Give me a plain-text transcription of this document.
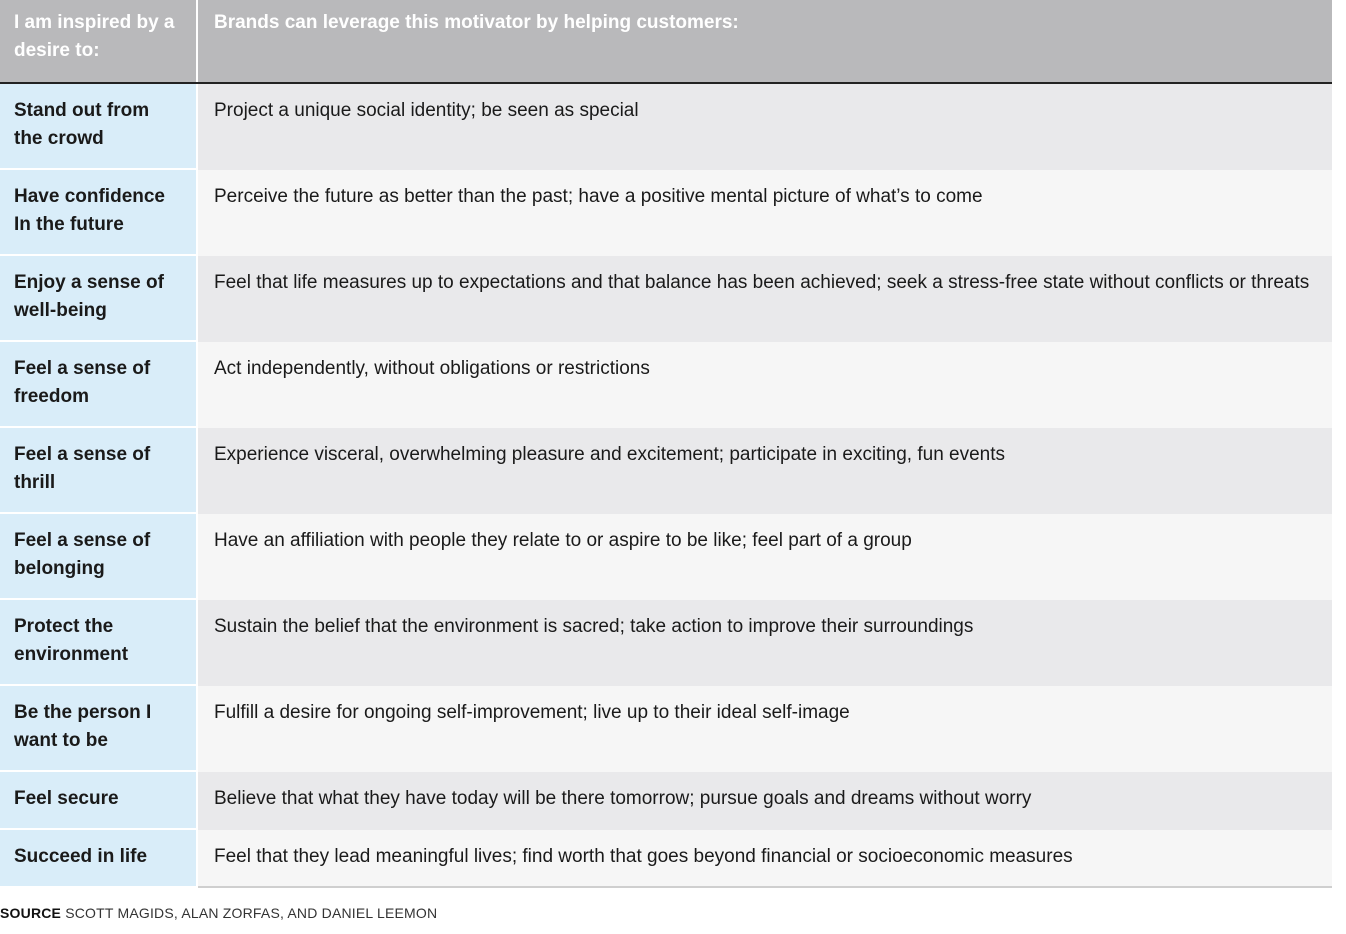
I am inspired by a desire to:
Brands can leverage this motivator by helping customers:
Stand out from the crowd
Project a unique social identity; be seen as special
Have confidence In the future
Perceive the future as better than the past; have a positive mental picture of what’s to come
Enjoy a sense of well-being
Feel that life measures up to expectations and that balance has been achieved; seek a stress-free state without conflicts or threats
Feel a sense of freedom
Act independently, without obligations or restrictions
Feel a sense of thrill
Experience visceral, overwhelming pleasure and excitement; participate in exciting, fun events
Feel a sense of belonging
Have an affiliation with people they relate to or aspire to be like; feel part of a group
Protect the environment
Sustain the belief that the environment is sacred; take action to improve their surroundings
Be the person I want to be
Fulfill a desire for ongoing self-improvement; live up to their ideal self-image
Feel secure	Believe that what they have today will be there tomorrow; pursue goals and dreams without worry
Succeed in life	Feel that they lead meaningful lives; find worth that goes beyond financial or socioeconomic measures
SOURCE SCOTT MAGIDS, ALAN ZORFAS, AND DANIEL LEEMON
